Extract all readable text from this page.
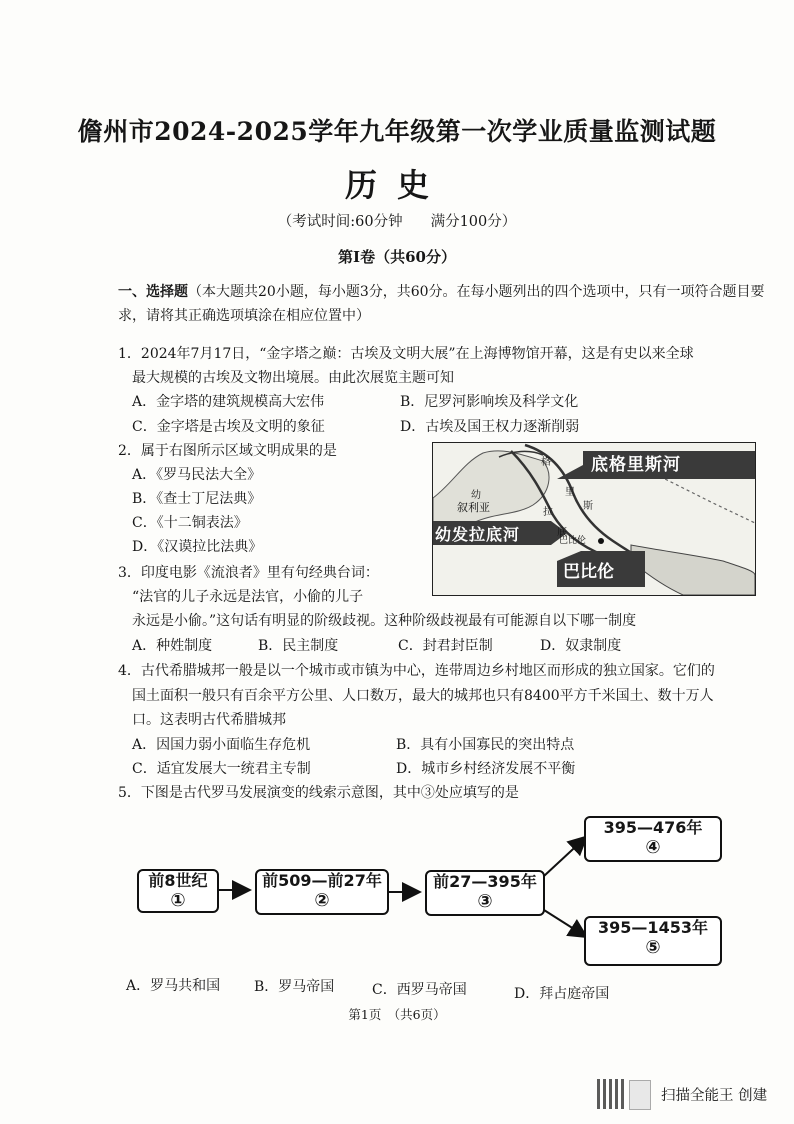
儋州市2024-2025学年九年级第一次学业质量监测试题
历史
（考试时间:60分钟 满分100分）
第Ⅰ卷（共60分）
一、选择题（本大题共20小题，每小题3分，共60分。在每小题列出的四个选项中，只有一项符合题目要求，请将其正确选项填涂在相应位置中）
1．2024年7月17日，“金字塔之巅：古埃及文明大展”在上海博物馆开幕，这是有史以来全球
最大规模的古埃及文物出境展。由此次展览主题可知
A．金字塔的建筑规模高大宏伟	B．尼罗河影响埃及科学文化
C．金字塔是古埃及文明的象征	D．古埃及国王权力逐渐削弱
2．属于右图所示区域文明成果的是
A．《罗马民法大全》
B．《查士丁尼法典》
C．《十二铜表法》
D．《汉谟拉比法典》
底格里斯河
幼发拉底河
巴比伦
叙利亚
幼
拉
底
格
斯
里
巴比伦
3．印度电影《流浪者》里有句经典台词：
“法官的儿子永远是法官，小偷的儿子
永远是小偷。”这句话有明显的阶级歧视。这种阶级歧视最有可能源自以下哪一制度
A．种姓制度	B．民主制度	C．封君封臣制	D．奴隶制度
4．古代希腊城邦一般是以一个城市或市镇为中心，连带周边乡村地区而形成的独立国家。它们的
国土面积一般只有百余平方公里、人口数万，最大的城邦也只有8400平方千米国土、数十万人
口。这表明古代希腊城邦
A．因国力弱小面临生存危机	B．具有小国寡民的突出特点
C．适宜发展大一统君主专制	D．城市乡村经济发展不平衡
5．下图是古代罗马发展演变的线索示意图，其中③处应填写的是
前8世纪
①
前509—前27年
②
前27—395年
③
395—476年
④
395—1453年
⑤
A．罗马共和国 B．罗马帝国	C．西罗马帝国	D．拜占庭帝国
第1页　（共6页）
扫描全能王 创建
